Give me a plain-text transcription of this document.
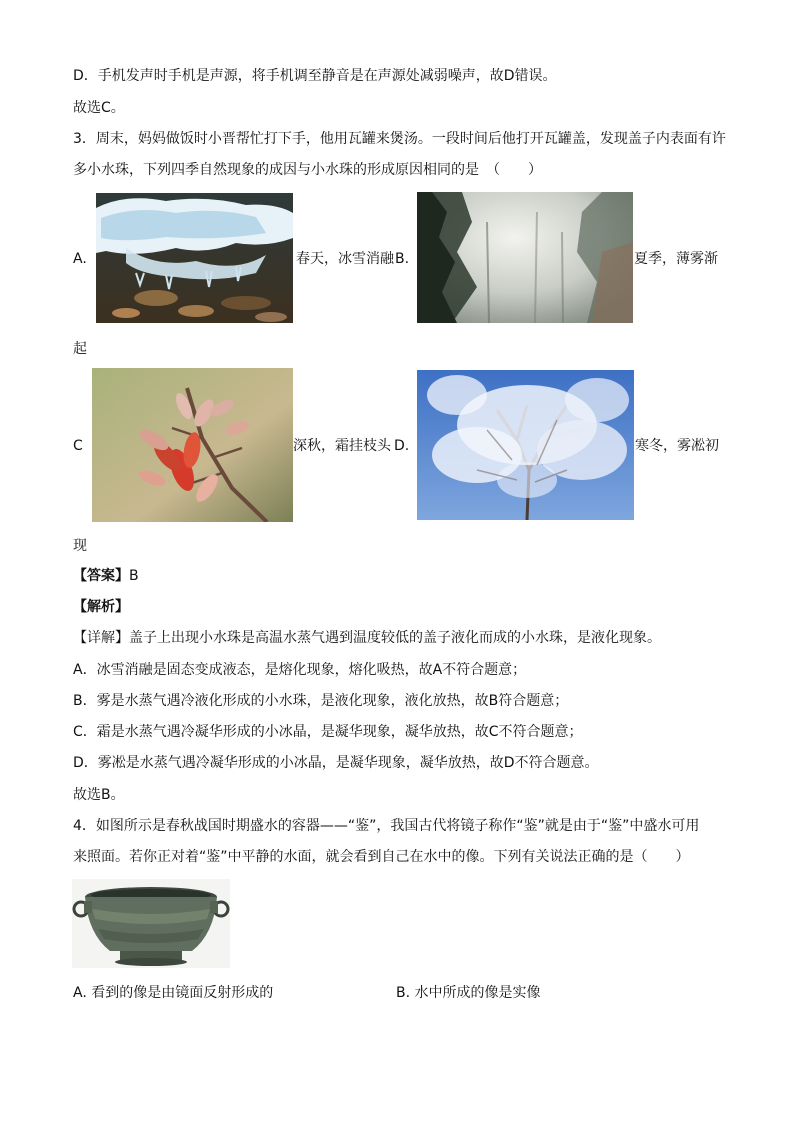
D．手机发声时手机是声源，将手机调至静音是在声源处减弱噪声，故D错误。
故选C。
3．周末，妈妈做饭时小晋帮忙打下手，他用瓦罐来煲汤。一段时间后他打开瓦罐盖，发现盖子内表面有许
多小水珠，下列四季自然现象的成因与小水珠的形成原因相同的是　（　　）
A.	春天，冰雪消融 B.	夏季，薄雾渐
起
C	深秋，霜挂枝头 D.	寒冬，雾凇初
现
【答案】B
【解析】
【详解】盖子上出现小水珠是高温水蒸气遇到温度较低的盖子液化而成的小水珠，是液化现象。
A．冰雪消融是固态变成液态，是熔化现象，熔化吸热，故A不符合题意；
B．雾是水蒸气遇冷液化形成的小水珠，是液化现象，液化放热，故B符合题意；
C．霜是水蒸气遇冷凝华形成的小冰晶，是凝华现象，凝华放热，故C不符合题意；
D．雾凇是水蒸气遇冷凝华形成的小冰晶，是凝华现象，凝华放热，故D不符合题意。
故选B。
4．如图所示是春秋战国时期盛水的容器——“鉴”，我国古代将镜子称作“鉴”就是由于“鉴”中盛水可用
来照面。若你正对着“鉴”中平静的水面，就会看到自己在水中的像。下列有关说法正确的是（　　）
A. 看到的像是由镜面反射形成的	B. 水中所成的像是实像
